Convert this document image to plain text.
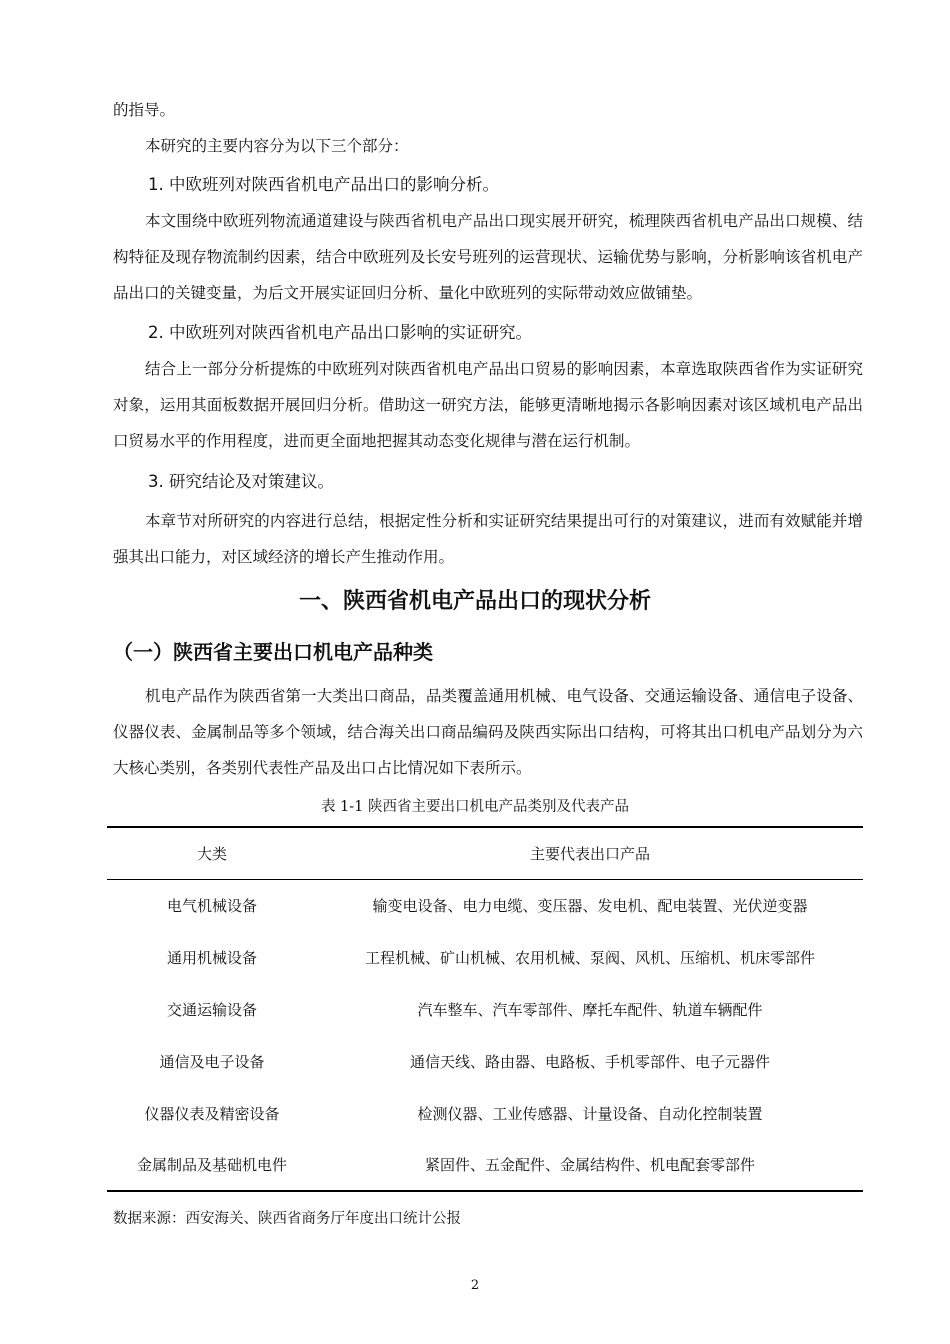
的指导。

本研究的主要内容分为以下三个部分：

1. 中欧班列对陕西省机电产品出口的影响分析。

本文围绕中欧班列物流通道建设与陕西省机电产品出口现实展开研究，梳理陕西省机电产品出口规模、结构特征及现存物流制约因素，结合中欧班列及长安号班列的运营现状、运输优势与影响，分析影响该省机电产品出口的关键变量，为后文开展实证回归分析、量化中欧班列的实际带动效应做铺垫。

2. 中欧班列对陕西省机电产品出口影响的实证研究。

结合上一部分分析提炼的中欧班列对陕西省机电产品出口贸易的影响因素，本章选取陕西省作为实证研究对象，运用其面板数据开展回归分析。借助这一研究方法，能够更清晰地揭示各影响因素对该区域机电产品出口贸易水平的作用程度，进而更全面地把握其动态变化规律与潜在运行机制。

3. 研究结论及对策建议。

本章节对所研究的内容进行总结，根据定性分析和实证研究结果提出可行的对策建议，进而有效赋能并增强其出口能力，对区域经济的增长产生推动作用。

一、陕西省机电产品出口的现状分析
（一）陕西省主要出口机电产品种类

机电产品作为陕西省第一大类出口商品，品类覆盖通用机械、电气设备、交通运输设备、通信电子设备、仪器仪表、金属制品等多个领域，结合海关出口商品编码及陕西实际出口结构，可将其出口机电产品划分为六大核心类别，各类别代表性产品及出口占比情况如下表所示。

表 1-1 陕西省主要出口机电产品类别及代表产品

大类	主要代表出口产品
电气机械设备	输变电设备、电力电缆、变压器、发电机、配电装置、光伏逆变器
通用机械设备	工程机械、矿山机械、农用机械、泵阀、风机、压缩机、机床零部件
交通运输设备	汽车整车、汽车零部件、摩托车配件、轨道车辆配件
通信及电子设备	通信天线、路由器、电路板、手机零部件、电子元器件
仪器仪表及精密设备	检测仪器、工业传感器、计量设备、自动化控制装置
金属制品及基础机电件	紧固件、五金配件、金属结构件、机电配套零部件

数据来源：西安海关、陕西省商务厅年度出口统计公报

2
